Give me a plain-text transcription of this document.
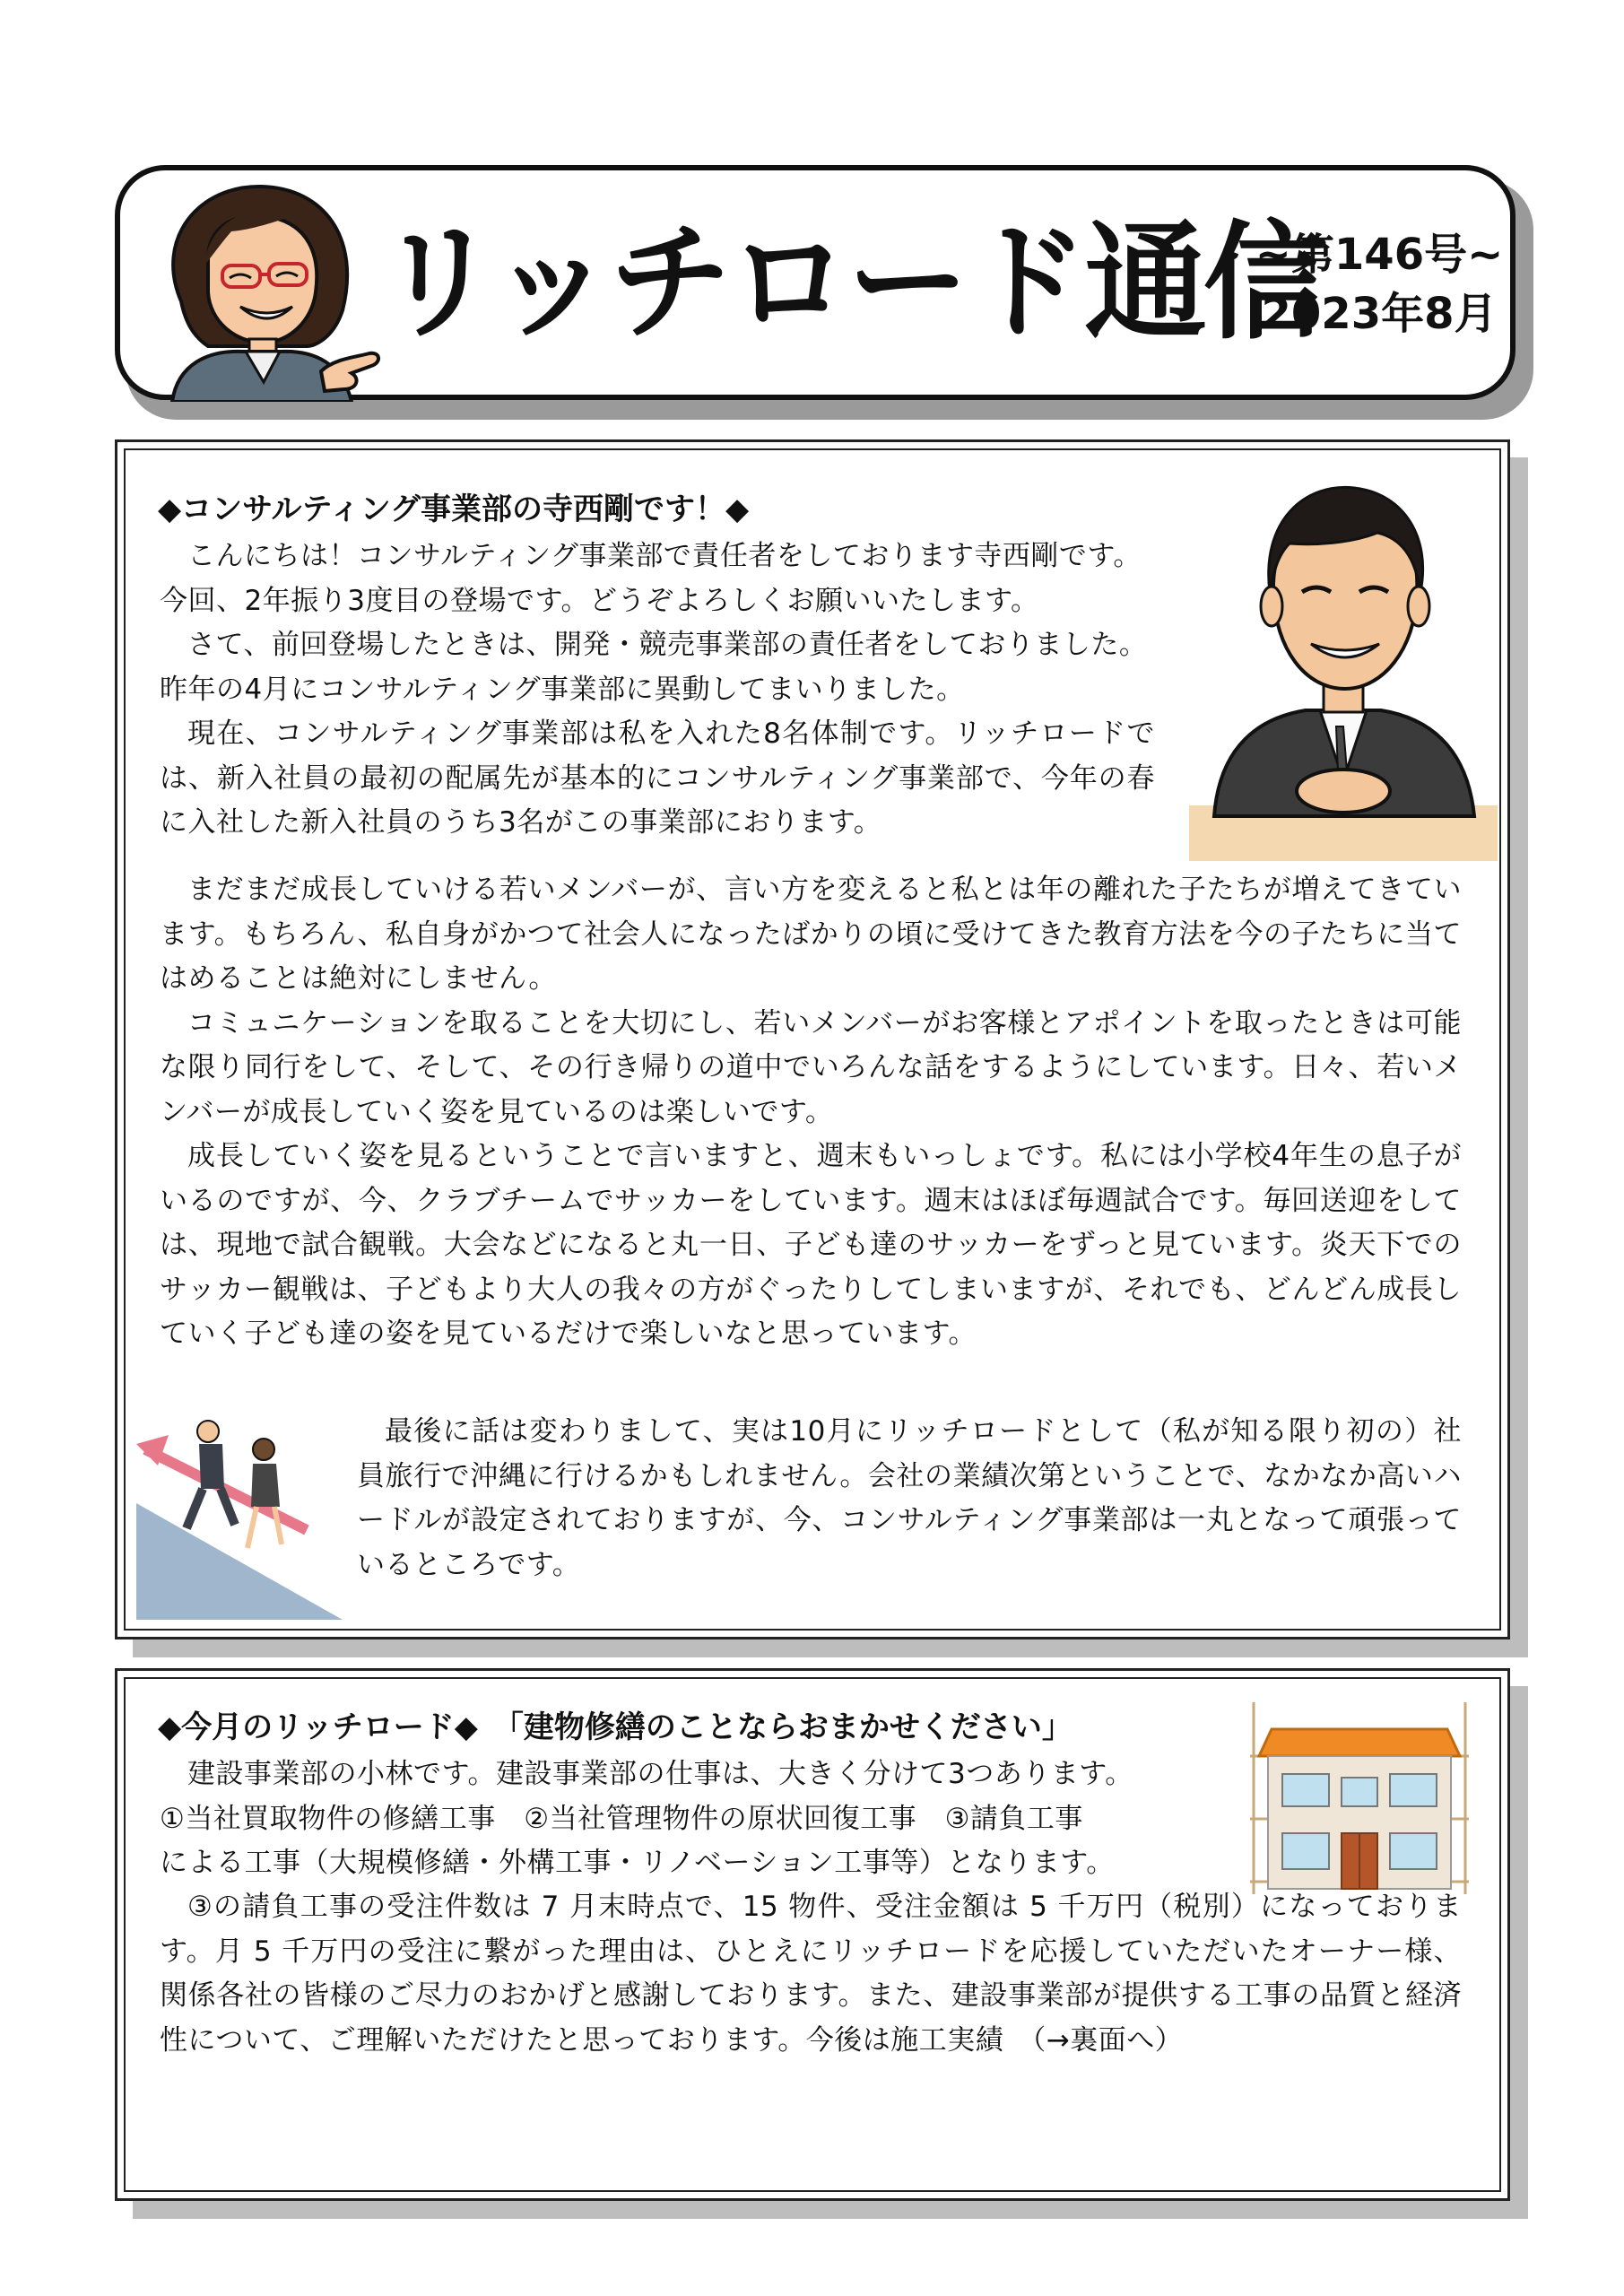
リッチロード通信
~第146号~
2023年8月
◆コンサルティング事業部の寺西剛です！◆

こんにちは！コンサルティング事業部で責任者をしております寺西剛です。

今回、2年振り3度目の登場です。どうぞよろしくお願いいたします。

さて、前回登場したときは、開発・競売事業部の責任者をしておりました。

昨年の4月にコンサルティング事業部に異動してまいりました。

現在、コンサルティング事業部は私を入れた8名体制です。リッチロードでは、新入社員の最初の配属先が基本的にコンサルティング事業部で、今年の春に入社した新入社員のうち3名がこの事業部におります。

まだまだ成長していける若いメンバーが、言い方を変えると私とは年の離れた子たちが増えてきています。もちろん、私自身がかつて社会人になったばかりの頃に受けてきた教育方法を今の子たちに当てはめることは絶対にしません。

コミュニケーションを取ることを大切にし、若いメンバーがお客様とアポイントを取ったときは可能な限り同行をして、そして、その行き帰りの道中でいろんな話をするようにしています。日々、若いメンバーが成長していく姿を見ているのは楽しいです。

成長していく姿を見るということで言いますと、週末もいっしょです。私には小学校4年生の息子がいるのですが、今、クラブチームでサッカーをしています。週末はほぼ毎週試合です。毎回送迎をしては、現地で試合観戦。大会などになると丸一日、子ども達のサッカーをずっと見ています。炎天下でのサッカー観戦は、子どもより大人の我々の方がぐったりしてしまいますが、それでも、どんどん成長していく子ども達の姿を見ているだけで楽しいなと思っています。

最後に話は変わりまして、実は10月にリッチロードとして（私が知る限り初の）社員旅行で沖縄に行けるかもしれません。会社の業績次第ということで、なかなか高いハードルが設定されておりますが、今、コンサルティング事業部は一丸となって頑張っているところです。

◆今月のリッチロード◆　「建物修繕のことならおまかせください」

建設事業部の小林です。建設事業部の仕事は、大きく分けて3つあります。

①当社買取物件の修繕工事　②当社管理物件の原状回復工事　③請負工事

による工事（大規模修繕・外構工事・リノベーション工事等）となります。

③の請負工事の受注件数は 7 月末時点で、15 物件、受注金額は 5 千万円（税別）になっております。月 5 千万円の受注に繋がった理由は、ひとえにリッチロードを応援していただいたオーナー様、関係各社の皆様のご尽力のおかげと感謝しております。また、建設事業部が提供する工事の品質と経済性について、ご理解いただけたと思っております。今後は施工実績　（→裏面へ）
